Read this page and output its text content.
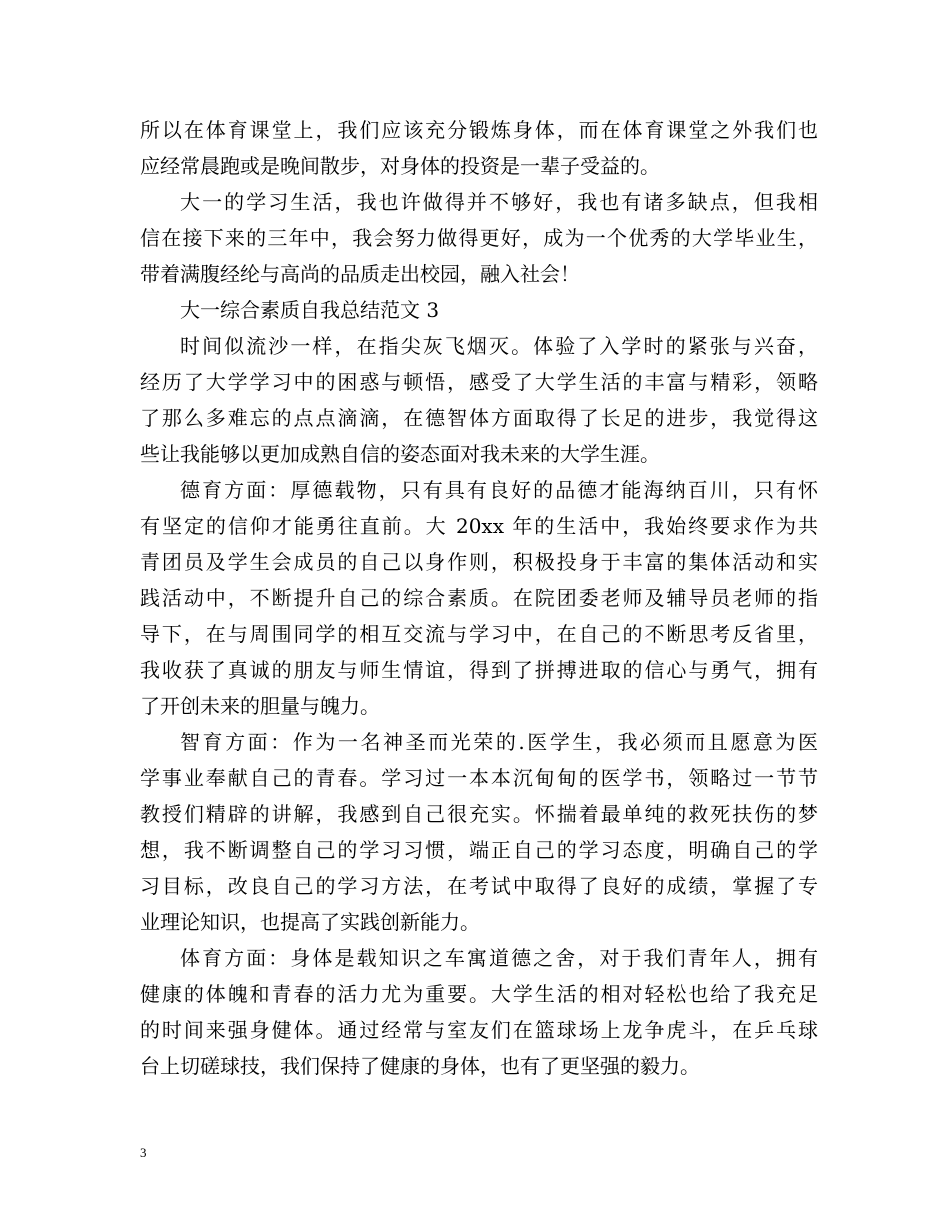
所以在体育课堂上，我们应该充分锻炼身体，而在体育课堂之外我们也
应经常晨跑或是晚间散步，对身体的投资是一辈子受益的。
大一的学习生活，我也许做得并不够好，我也有诸多缺点，但我相
信在接下来的三年中，我会努力做得更好，成为一个优秀的大学毕业生，
带着满腹经纶与高尚的品质走出校园，融入社会！
大一综合素质自我总结范文 3
时间似流沙一样，在指尖灰飞烟灭。体验了入学时的紧张与兴奋，
经历了大学学习中的困惑与顿悟，感受了大学生活的丰富与精彩，领略
了那么多难忘的点点滴滴，在德智体方面取得了长足的进步，我觉得这
些让我能够以更加成熟自信的姿态面对我未来的大学生涯。
德育方面：厚德载物，只有具有良好的品德才能海纳百川，只有怀
有坚定的信仰才能勇往直前。大 20xx 年的生活中，我始终要求作为共
青团员及学生会成员的自己以身作则，积极投身于丰富的集体活动和实
践活动中，不断提升自己的综合素质。在院团委老师及辅导员老师的指
导下，在与周围同学的相互交流与学习中，在自己的不断思考反省里，
我收获了真诚的朋友与师生情谊，得到了拼搏进取的信心与勇气，拥有
了开创未来的胆量与魄力。
智育方面：作为一名神圣而光荣的.医学生，我必须而且愿意为医
学事业奉献自己的青春。学习过一本本沉甸甸的医学书，领略过一节节
教授们精辟的讲解，我感到自己很充实。怀揣着最单纯的救死扶伤的梦
想，我不断调整自己的学习习惯，端正自己的学习态度，明确自己的学
习目标，改良自己的学习方法，在考试中取得了良好的成绩，掌握了专
业理论知识，也提高了实践创新能力。
体育方面：身体是载知识之车寓道德之舍，对于我们青年人，拥有
健康的体魄和青春的活力尤为重要。大学生活的相对轻松也给了我充足
的时间来强身健体。通过经常与室友们在篮球场上龙争虎斗，在乒乓球
台上切磋球技，我们保持了健康的身体，也有了更坚强的毅力。
3
